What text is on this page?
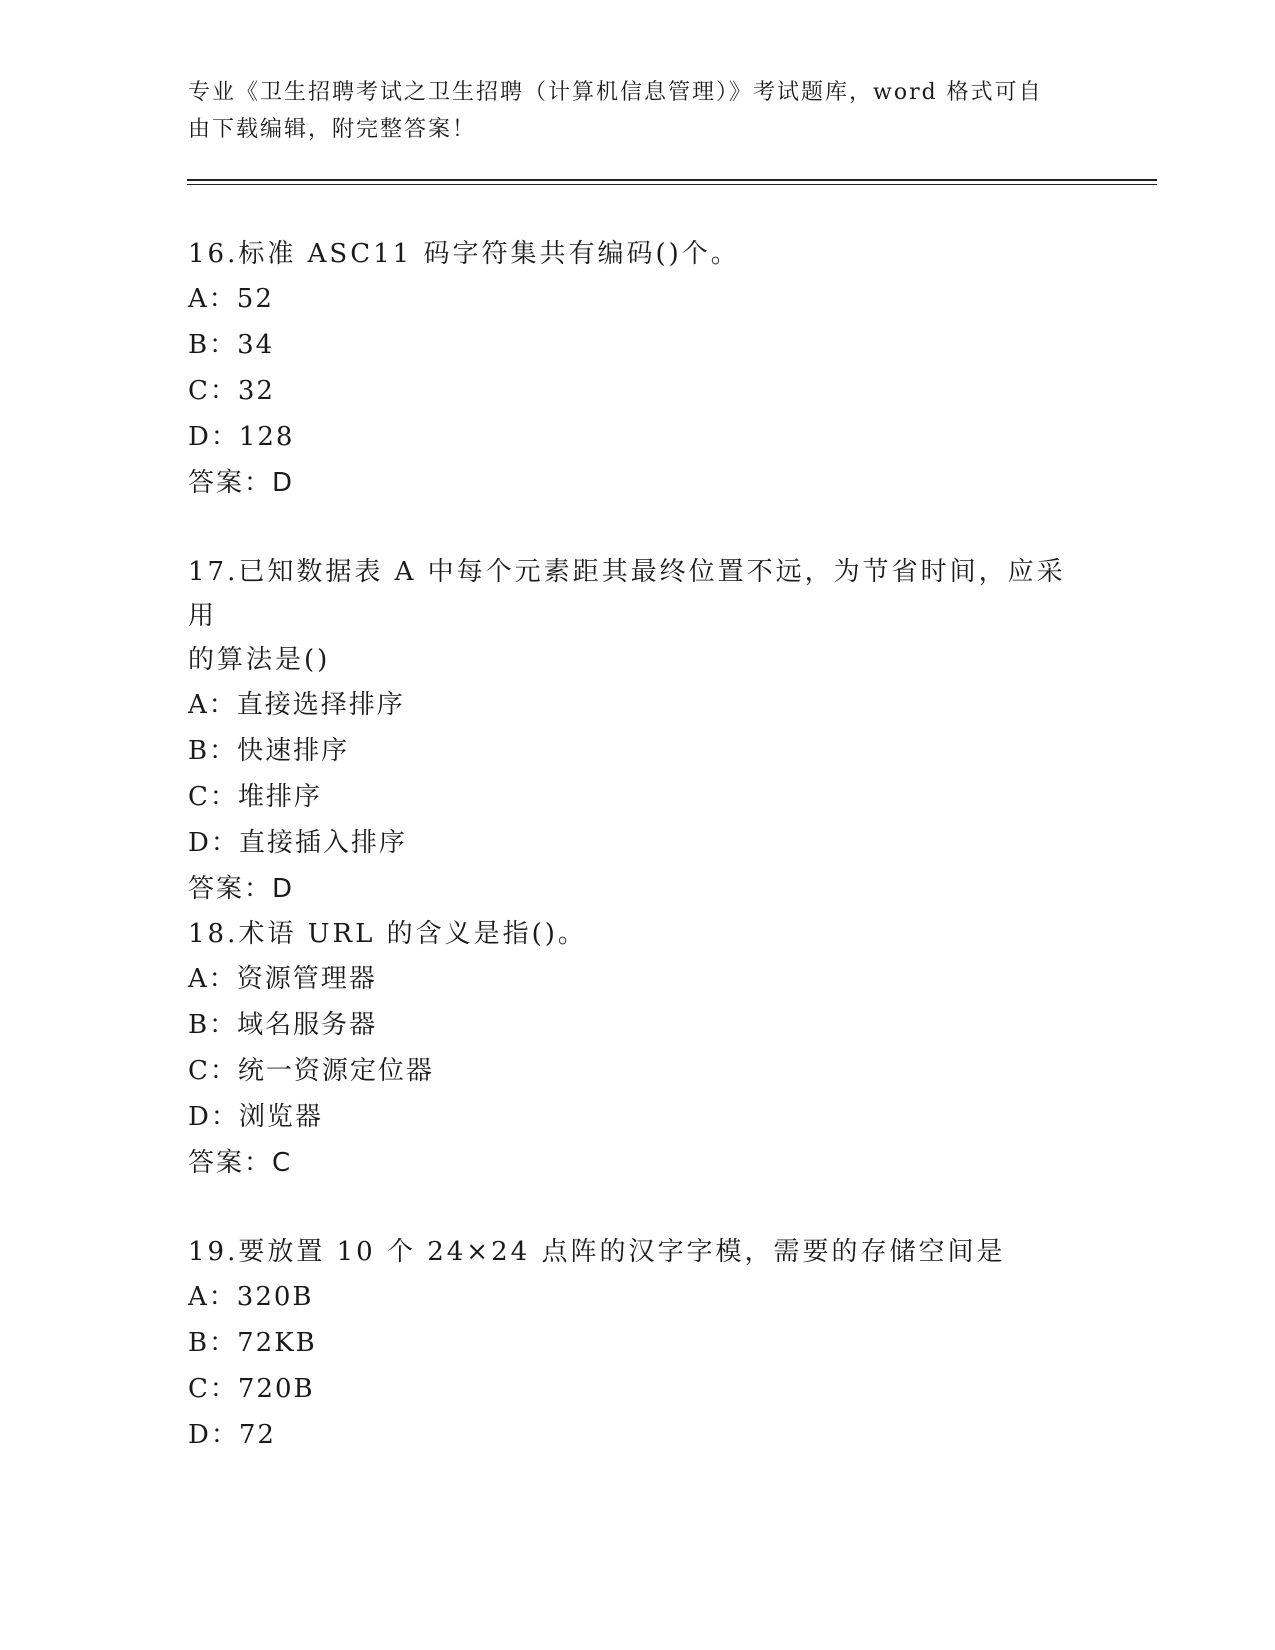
专业《卫生招聘考试之卫生招聘（计算机信息管理）》考试题库，word 格式可自
由下载编辑，附完整答案！
16.标准 ASC11 码字符集共有编码()个。
A：52
B：34
C：32
D：128
答案：D
17.已知数据表 A 中每个元素距其最终位置不远，为节省时间，应采用
的算法是()
A：直接选择排序
B：快速排序
C：堆排序
D：直接插入排序
答案：D
18.术语 URL 的含义是指()。
A：资源管理器
B：域名服务器
C：统一资源定位器
D：浏览器
答案：C
19.要放置 10 个 24×24 点阵的汉字字模，需要的存储空间是
A：320B
B：72KB
C：720B
D：72
